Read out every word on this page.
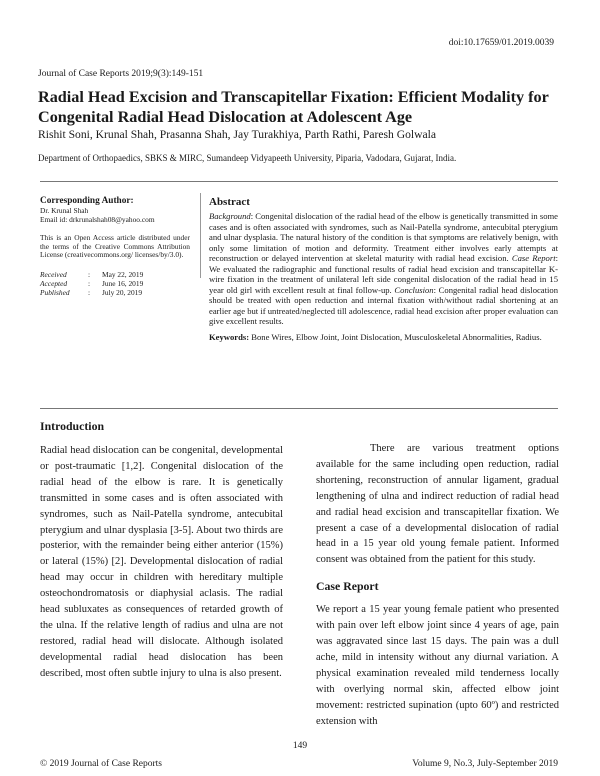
doi:10.17659/01.2019.0039
Journal of Case Reports 2019;9(3):149-151
Radial Head Excision and Transcapitellar Fixation: Efficient Modality for Congenital Radial Head Dislocation at Adolescent Age
Rishit Soni, Krunal Shah, Prasanna Shah, Jay Turakhiya, Parth Rathi, Paresh Golwala
Department of Orthopaedics, SBKS & MIRC, Sumandeep Vidyapeeth University, Piparia, Vadodara, Gujarat, India.
Corresponding Author:
Dr. Krunal Shah
Email id: drkrunalshah08@yahoo.com
This is an Open Access article distributed under the terms of the Creative Commons Attribution License (creativecommons.org/ licenses/by/3.0).
Received	:	May 22, 2019
Accepted	:	June 16, 2019
Published	:	July 20, 2019
Abstract

Background: Congenital dislocation of the radial head of the elbow is genetically transmitted in some cases and is often associated with syndromes, such as Nail-Patella syndrome, antecubital pterygium and ulnar dysplasia. The natural history of the condition is that symptoms are relatively benign, with only some limitation of motion and deformity. Treatment either involves early attempts at reconstruction or delayed intervention at skeletal maturity with radial head excision. Case Report: We evaluated the radiographic and functional results of radial head excision and transcapitellar K-wire fixation in the treatment of unilateral left side congenital dislocation of the radial head in 15 year old girl with excellent result at final follow-up. Conclusion: Congenital radial head dislocation should be treated with open reduction and internal fixation with/without radial shortening at an earlier age but if untreated/neglected till adolescence, radial head excision after proper evaluation can give excellent results.

Keywords: Bone Wires, Elbow Joint, Joint Dislocation, Musculoskeletal Abnormalities, Radius.
Introduction

Radial head dislocation can be congenital, developmental or post-traumatic [1,2]. Congenital dislocation of the radial head of the elbow is rare. It is genetically transmitted in some cases and is often associated with syndromes, such as Nail-Patella syndrome, antecubital pterygium and ulnar dysplasia [3-5]. About two thirds are posterior, with the remainder being either anterior (15%) or lateral (15%) [2]. Developmental dislocation of radial head may occur in children with hereditary multiple osteochondromatosis or diaphysial aclasis. The radial head subluxates as consequences of retarded growth of the ulna. If the relative length of radius and ulna are not restored, radial head will dislocate. Although isolated developmental radial head dislocation has been described, most often subtle injury to ulna is also present.

There are various treatment options available for the same including open reduction, radial shortening, reconstruction of annular ligament, gradual lengthening of ulna and indirect reduction of radial head and radial head excision and transcapitellar fixation. We present a case of a developmental dislocation of radial head in a 15 year old young female patient. Informed consent was obtained from the patient for this study.

Case Report

We report a 15 year young female patient who presented with pain over left elbow joint since 4 years of age, pain was aggravated since last 15 days. The pain was a dull ache, mild in intensity without any diurnal variation. A physical examination revealed mild tenderness locally with overlying normal skin, affected elbow joint movement: restricted supination (upto 60º) and restricted extension with

149
© 2019 Journal of Case Reports	Volume 9, No.3, July-September 2019
